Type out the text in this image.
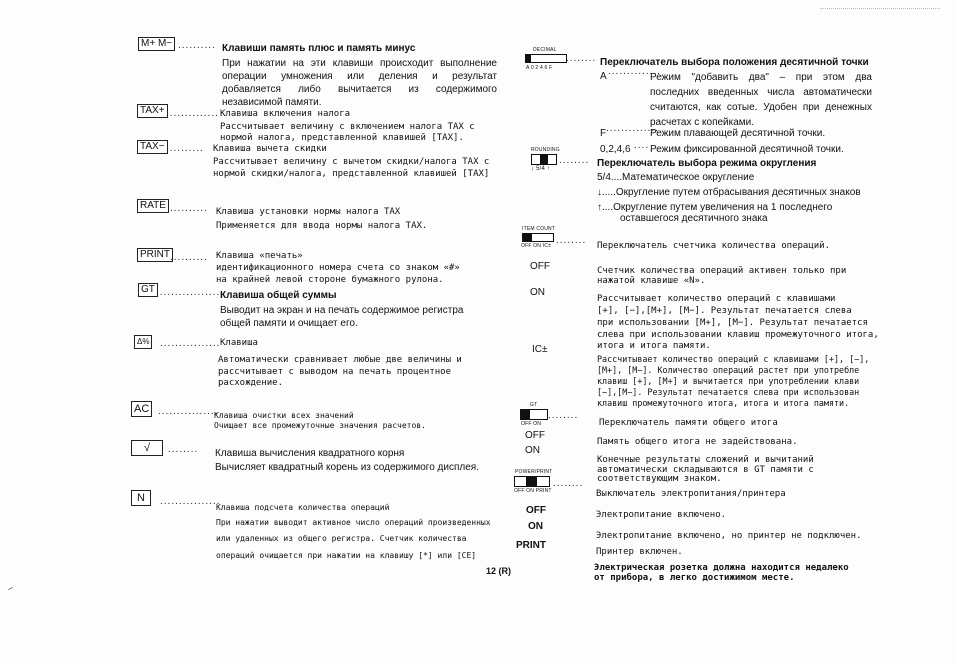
M+ M− .......... Клавиши память плюс и память минус
При нажатии на эти клавиши происходит выполнение операции умножения или деления и результат добавляется либо вычитается из содержимого незавиcимой памяти.
TAX+ .............. Клавиша включения налога
Рассчитывает величину с включением налога TAX с
нормой налога, представленной клавишей [TAX].
TAX− .......... Клавиша вычета скидки
Рассчитывает величину с вычетом скидки/налога TAX с
нормой скидки/налога, представленной клавишей [TAX]
RATE .......... Клавиша установки нормы налога TAX
Применяется для ввода нормы налога TAX.
PRINT .......... Клавиша «печать»
идентификационного номера счета со знаком «#»
на крайней левой стороне бумажного рулона.
GT ................. Клавиша общей суммы
Выводит на экран и на печать содержимое регистра общей памяти и очищает его.
Δ%	................ Клавиша
Автоматически сравнивает любые две величины и
рассчитывает с выводом на печать процентное
расхождение.
AC ................
Клавиша очистки всех значений
Очищает все промежуточные значения расчетов.
√	........ Клавиша вычисления квадратного корня
Вычисляет квадратный корень из содержимого дисплея.
N	................
Клавиша подсчета количества операций
При нажатии выводит активное число операций произведенных
или удаленных из общего регистра. Счетчик количества
операций очищается при нажатии на клавишу [*] или [CE]
12 (R)
DECIMAL
A 0 2 4 6 F
........ Переключатель выбора положения десятичной точки
A ..............
Режим "добавить два" – при этом два последних введенных числа автоматически считаются, как сотые. Удобен при денежных расчетах с копейками.
F ..............
Режим плавающей десятичной точки.
0,2,4,6 .... Режим фиксированной десятичной точки.
ROUNDING
↓ 5/4 ↑
........ Переключатель выбора режима округления
5/4....Математическое округление
↓.....Округление путем отбрасывания десятичных знаков
↑....Округление путем увеличения на 1 последнего
оставшегося десятичного знака
ITEM COUNT
OFF ON IC± ........ Переключатель счетчика количества операций.
OFF	Счетчик количества операций активен только при
нажатой клавише «N».
ON
Рассчитывает количество операций с клавишами
[+], [−],[M+], [M−]. Результат печатается слева
при использовании [M+], [M−]. Результат печатается
слева при использовании клавиш промежуточного итога,
итога и итога памяти.
IC±
Рассчитывает количество операций с клавишами [+], [−],
[M+], [M−]. Количество операций растет при употребле
клавиш [+], [M+] и вычитается при употреблении клави
[−],[M−]. Результат печатается слева при использован
клавиш промежуточного итога, итога и итога памяти.
GT
OFF ON
........
Переключатель памяти общего итога
OFF
Память общего итога не задействована.
ON
Конечные результаты сложений и вычитаний
автоматически складываются в GT памяти с
соответствующим знаком.
POWER/PRINT
OFF ON PRINT
........
Выключатель электропитания/принтера
OFF	Электропитание включено.
ON
Электропитание включено, но принтер не подключен.
PRINT
Принтер включен.
Электрическая розетка должна находится недалеко
от прибора, в легко достижимом месте.
